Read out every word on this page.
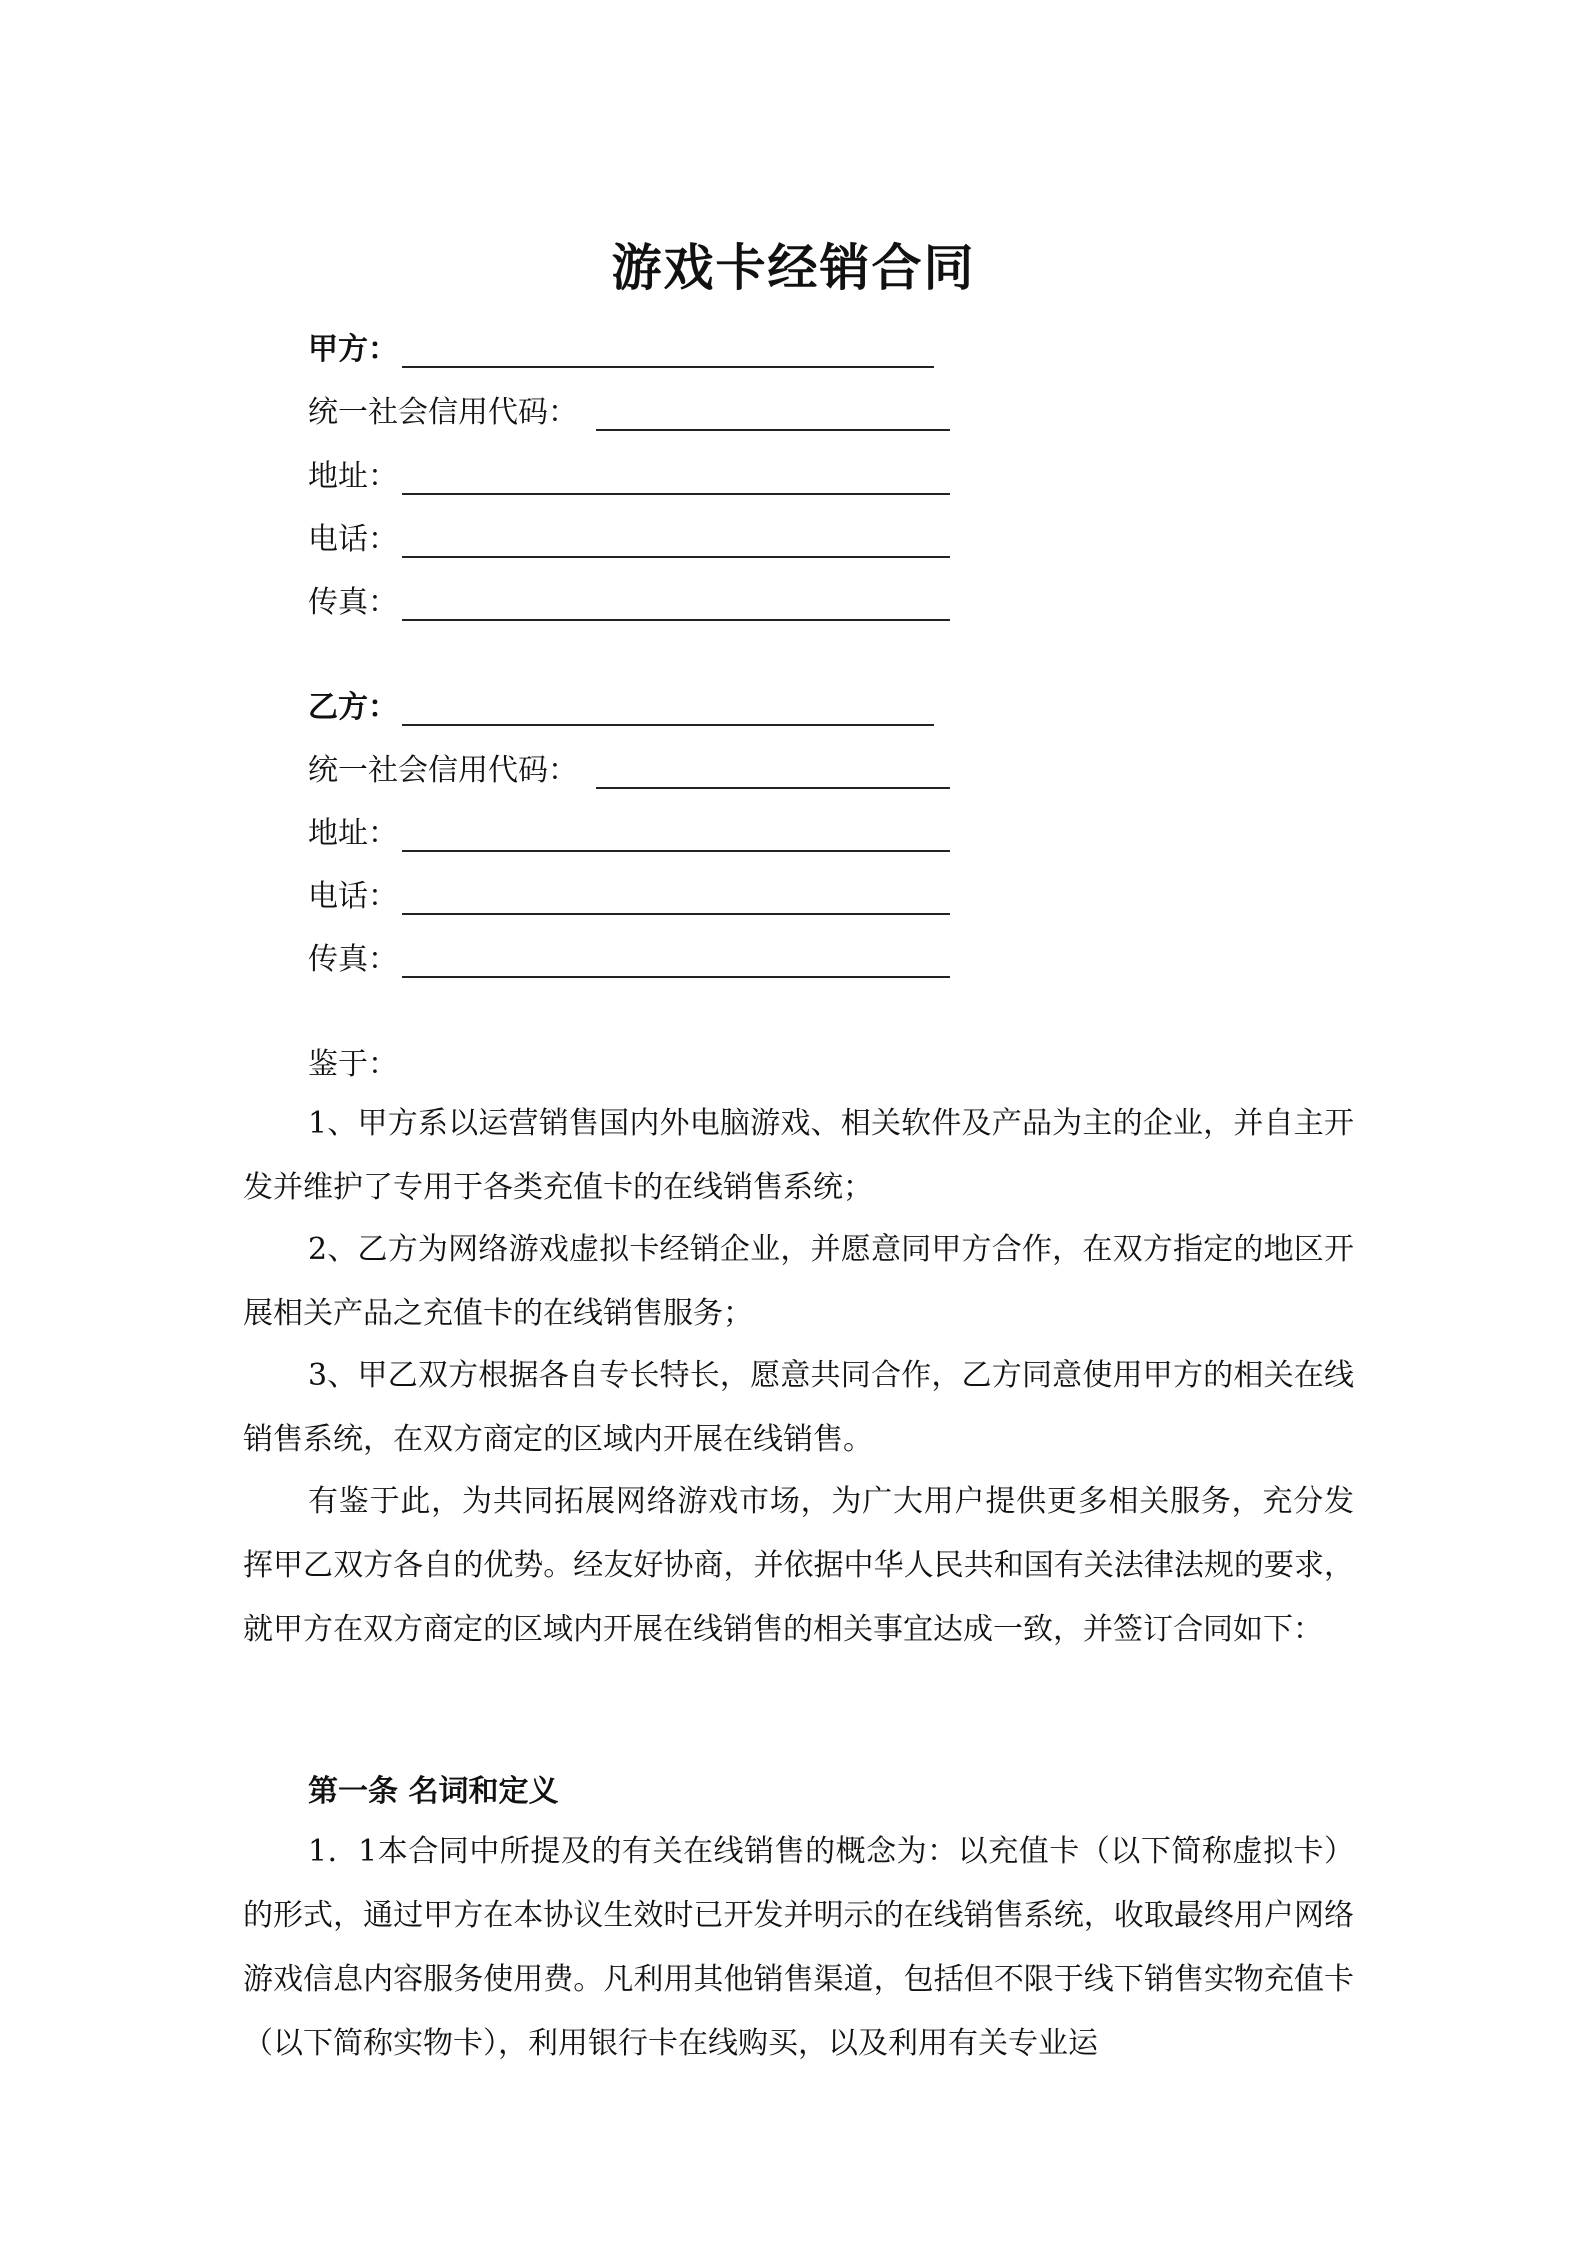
游戏卡经销合同
甲方：
统一社会信用代码：
地址：
电话：
传真：
乙方：
统一社会信用代码：
地址：
电话：
传真：
鉴于：

1、甲方系以运营销售国内外电脑游戏、相关软件及产品为主的企业，并自主开发并维护了专用于各类充值卡的在线销售系统；

2、乙方为网络游戏虚拟卡经销企业，并愿意同甲方合作，在双方指定的地区开展相关产品之充值卡的在线销售服务；

3、甲乙双方根据各自专长特长，愿意共同合作，乙方同意使用甲方的相关在线销售系统，在双方商定的区域内开展在线销售。

有鉴于此，为共同拓展网络游戏市场，为广大用户提供更多相关服务，充分发挥甲乙双方各自的优势。经友好协商，并依据中华人民共和国有关法律法规的要求，就甲方在双方商定的区域内开展在线销售的相关事宜达成一致，并签订合同如下：

第一条 名词和定义

1．1本合同中所提及的有关在线销售的概念为：以充值卡（以下简称虚拟卡）的形式，通过甲方在本协议生效时已开发并明示的在线销售系统，收取最终用户网络游戏信息内容服务使用费。凡利用其他销售渠道，包括但不限于线下销售实物充值卡（以下简称实物卡），利用银行卡在线购买，以及利用有关专业运
